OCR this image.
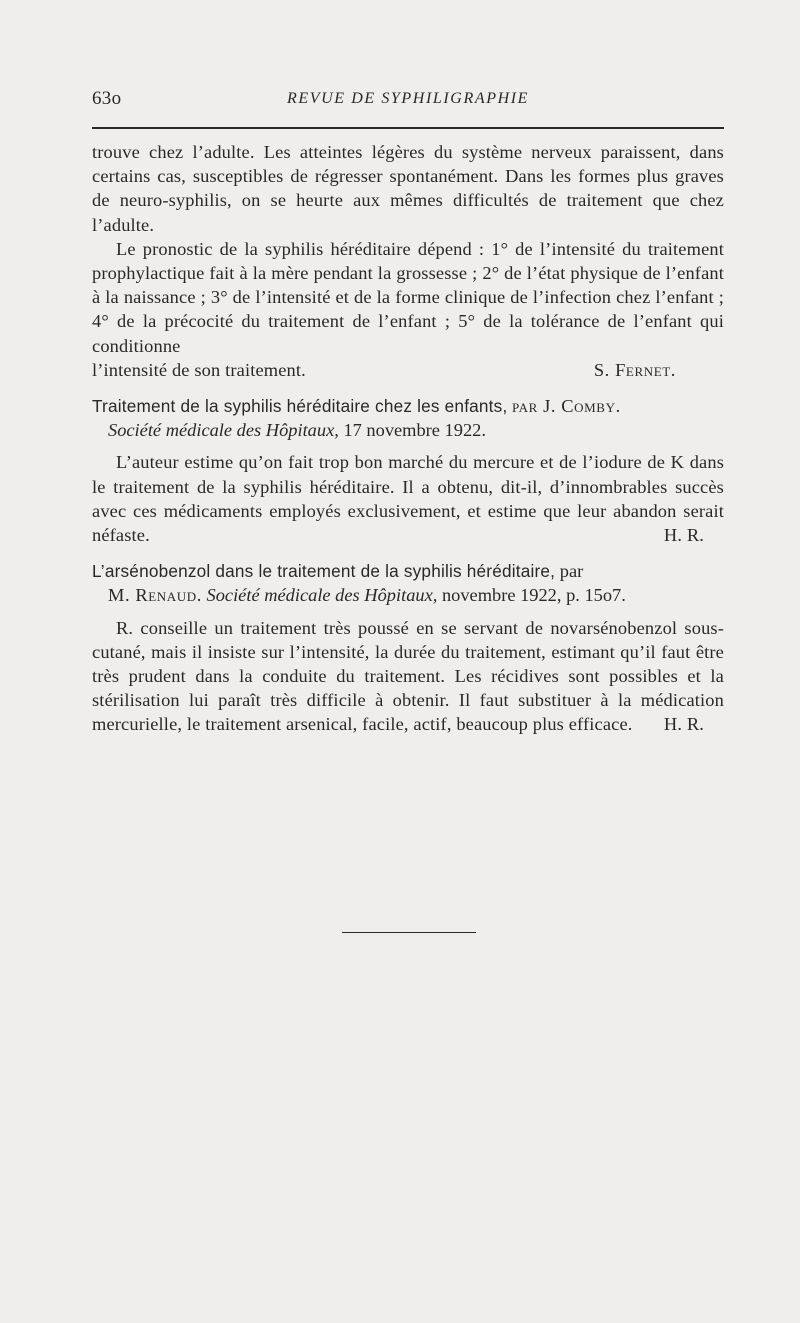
63o	REVUE DE SYPHILIGRAPHIE

trouve chez l’adulte. Les atteintes légères du système nerveux paraissent, dans certains cas, susceptibles de régresser spontanément. Dans les formes plus graves de neuro-syphilis, on se heurte aux mêmes difficultés de traitement que chez l’adulte.

Le pronostic de la syphilis héréditaire dépend : 1° de l’intensité du traitement prophylactique fait à la mère pendant la grossesse ; 2° de l’état physique de l’enfant à la naissance ; 3° de l’intensité et de la forme clinique de l’infection chez l’enfant ; 4° de la précocité du traitement de l’enfant ; 5° de la tolérance de l’enfant qui conditionne

l’intensité de son traitement.	S. Fernet.

Traitement de la syphilis héréditaire chez les enfants, par J. Comby.
Société médicale des Hôpitaux, 17 novembre 1922.

L’auteur estime qu’on fait trop bon marché du mercure et de l’iodure de K dans le traitement de la syphilis héréditaire. Il a obtenu, dit-il, d’innombrables succès avec ces médicaments employés exclusivement, et estime que leur abandon serait néfaste.	H. R.

L’arsénobenzol dans le traitement de la syphilis héréditaire, par
M. Renaud. Société médicale des Hôpitaux, novembre 1922, p. 15o7.

R. conseille un traitement très poussé en se servant de novarsénobenzol sous-cutané, mais il insiste sur l’intensité, la durée du traitement, estimant qu’il faut être très prudent dans la conduite du traitement. Les récidives sont possibles et la stérilisation lui paraît très difficile à obtenir. Il faut substituer à la médication mercurielle, le traitement arsenical, facile, actif, beaucoup plus efficace.	H. R.
